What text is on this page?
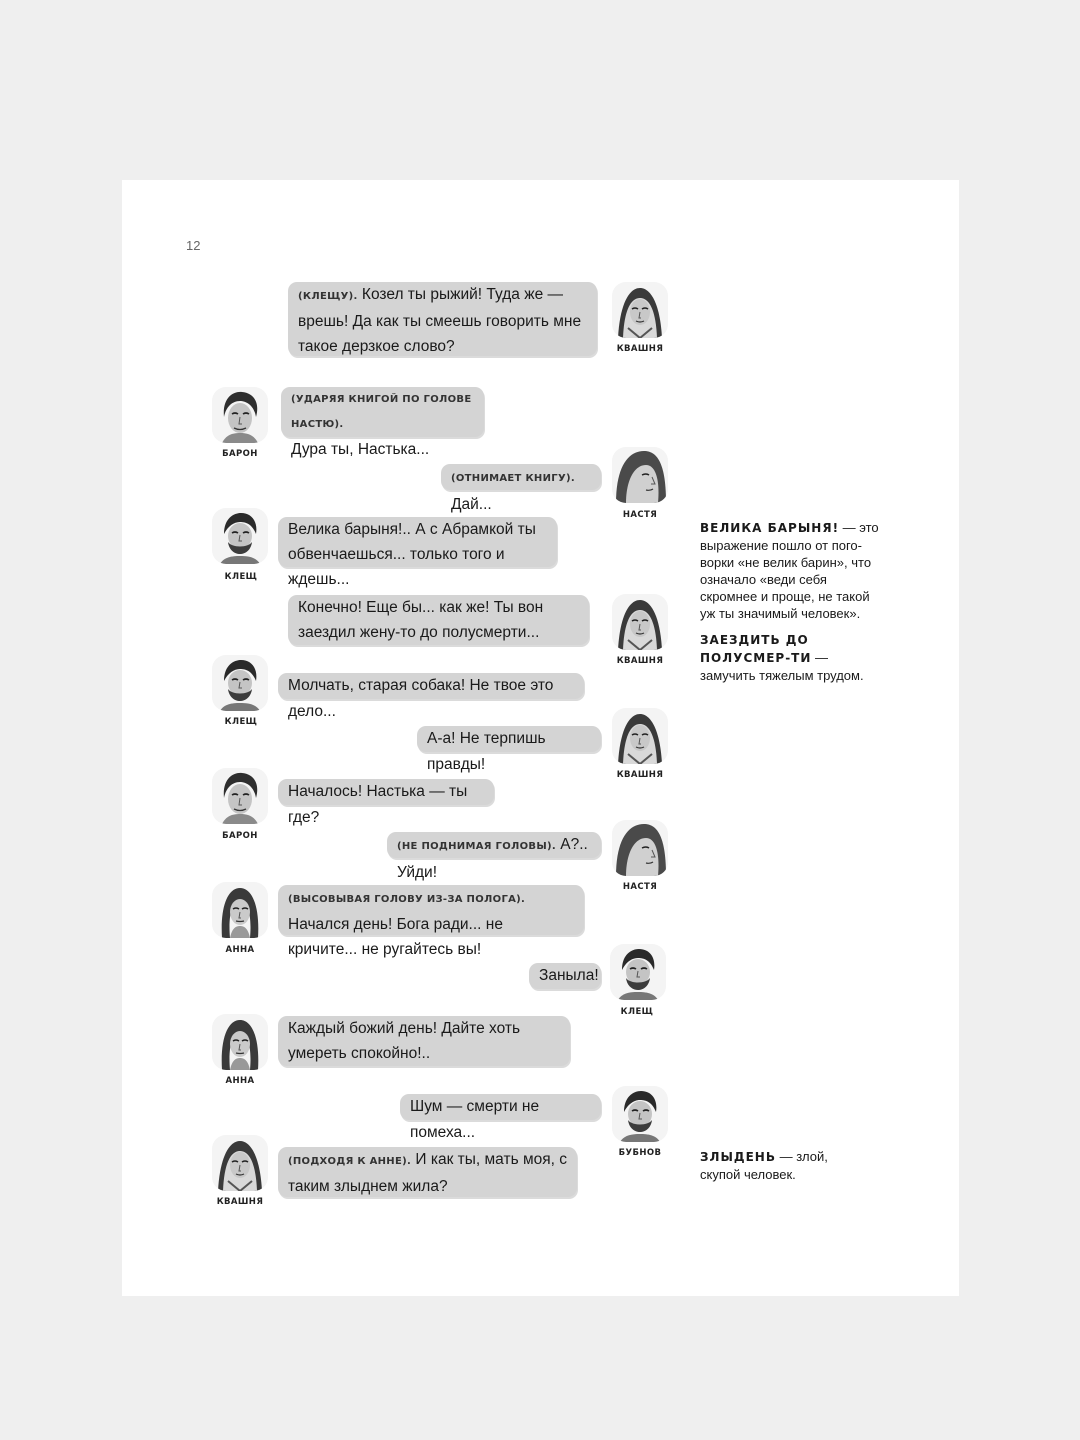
12
(КЛЕЩУ). Козел ты рыжий! Туда же — врешь! Да как ты смеешь говорить мне такое дерзкое слово?	КВАШНЯ
БАРОН
(УДАРЯЯ КНИГОЙ ПО ГОЛОВЕ НАСТЮ).
Дура ты, Настька...
(ОТНИМАЕТ КНИГУ). Дай...
НАСТЯ
КЛЕЩ
Велика барыня!.. А с Абрамкой ты обвенчаешься... только того и ждешь...
Конечно! Еще бы... как же! Ты вон заездил жену-то до полусмерти...
КВАШНЯ
КЛЕЩ
Молчать, старая собака! Не твое это дело...
А-а! Не терпишь правды!
КВАШНЯ
БАРОН
Началось! Настька — ты где?
(НЕ ПОДНИМАЯ ГОЛОВЫ). А?.. Уйди!
НАСТЯ
АННА
(ВЫСОВЫВАЯ ГОЛОВУ ИЗ-ЗА ПОЛОГА). Начался день! Бога ради... не кричите... не ругайтесь вы!
Заныла!
КЛЕЩ
АННА
Каждый божий день! Дайте хоть умереть спокойно!..
Шум — смерти не помеха...
БУБНОВ
КВАШНЯ
(ПОДХОДЯ К АННЕ). И как ты, мать моя, с таким злыднем жила?
ВЕЛИКА БАРЫНЯ! — это выражение пошло от пого-ворки «не велик барин», что означало «веди себя скромнее и проще, не такой уж ты значимый человек».
ЗАЕЗДИТЬ ДО ПОЛУСМЕР-ТИ — замучить тяжелым трудом.
ЗЛЫДЕНЬ — злой, скупой человек.
